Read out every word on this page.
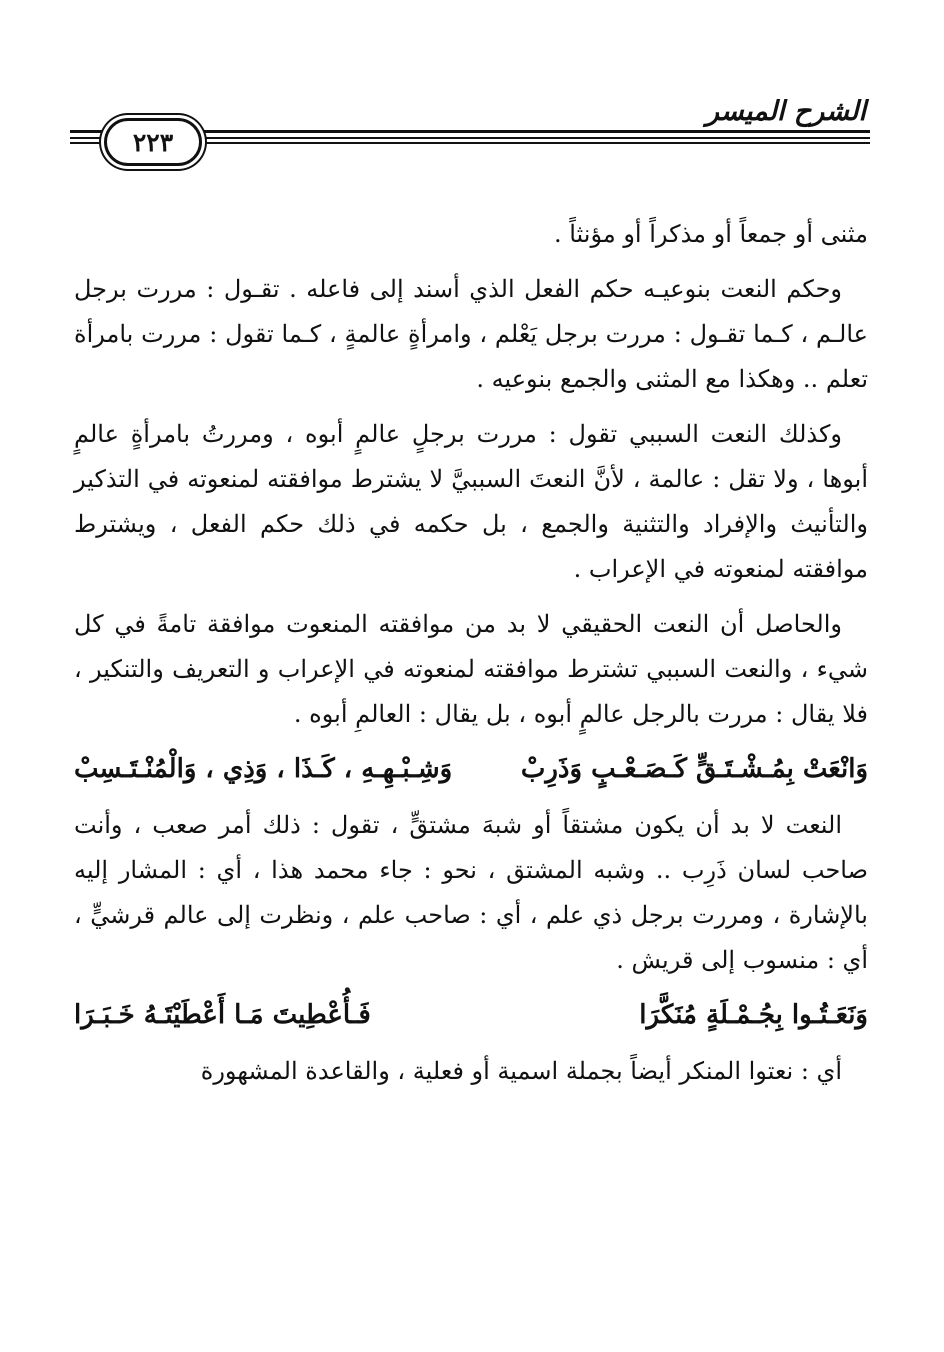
٢٢٣
الشرح الميسر

مثنى أو جمعاً أو مذكراً أو مؤنثاً .

وحكم النعت بنوعيـه حكم الفعل الذي أسند إلى فاعله . تقـول : مررت برجل عالـم ، كـما تقـول : مررت برجل يَعْلم ، وامرأةٍ عالمةٍ ، كـما تقول : مررت بامرأة تعلم .. وهكذا مع المثنى والجمع بنوعيه .

وكذلك النعت السببي تقول : مررت برجلٍ عالمٍ أبوه ، ومررتُ بامرأةٍ عالمٍ أبوها ، ولا تقل : عالمة ، لأنَّ النعتَ السببيَّ لا يشترط موافقته لمنعوته في التذكير والتأنيث والإفراد والتثنية والجمع ، بل حكمه في ذلك حكم الفعل ، ويشترط موافقته لمنعوته في الإعراب .

والحاصل أن النعت الحقيقي لا بد من موافقته المنعوت موافقة تامةً في كل شيء ، والنعت السببي تشترط موافقته لمنعوته في الإعراب و التعريف والتنكير ، فلا يقال : مررت بالرجل عالمٍ أبوه ، بل يقال : العالمِ أبوه .

وَانْعَتْ بِمُـشْـتَـقٍّ كَـصَـعْـبٍ وَذَرِبْ
وَشِـبْـهِـهِ ، كَـذَا ، وَذِي ، وَالْمُنْـتَـسِبْ

النعت لا بد أن يكون مشتقاً أو شبهَ مشتقٍّ ، تقول : ذلك أمر صعب ، وأنت صاحب لسان ذَرِب .. وشبه المشتق ، نحو : جاء محمد هذا ، أي : المشار إليه بالإشارة ، ومررت برجل ذي علم ، أي : صاحب علم ، ونظرت إلى عالم قرشيٍّ ، أي : منسوب إلى قريش .

وَنَعَـتُـوا بِجُـمْـلَةٍ مُنَكَّرَا
فَـأُعْطِيتَ مَـا أَعْطَيْتَـهُ خَـبَـرَا

أي : نعتوا المنكر أيضاً بجملة اسمية أو فعلية ، والقاعدة المشهورة
